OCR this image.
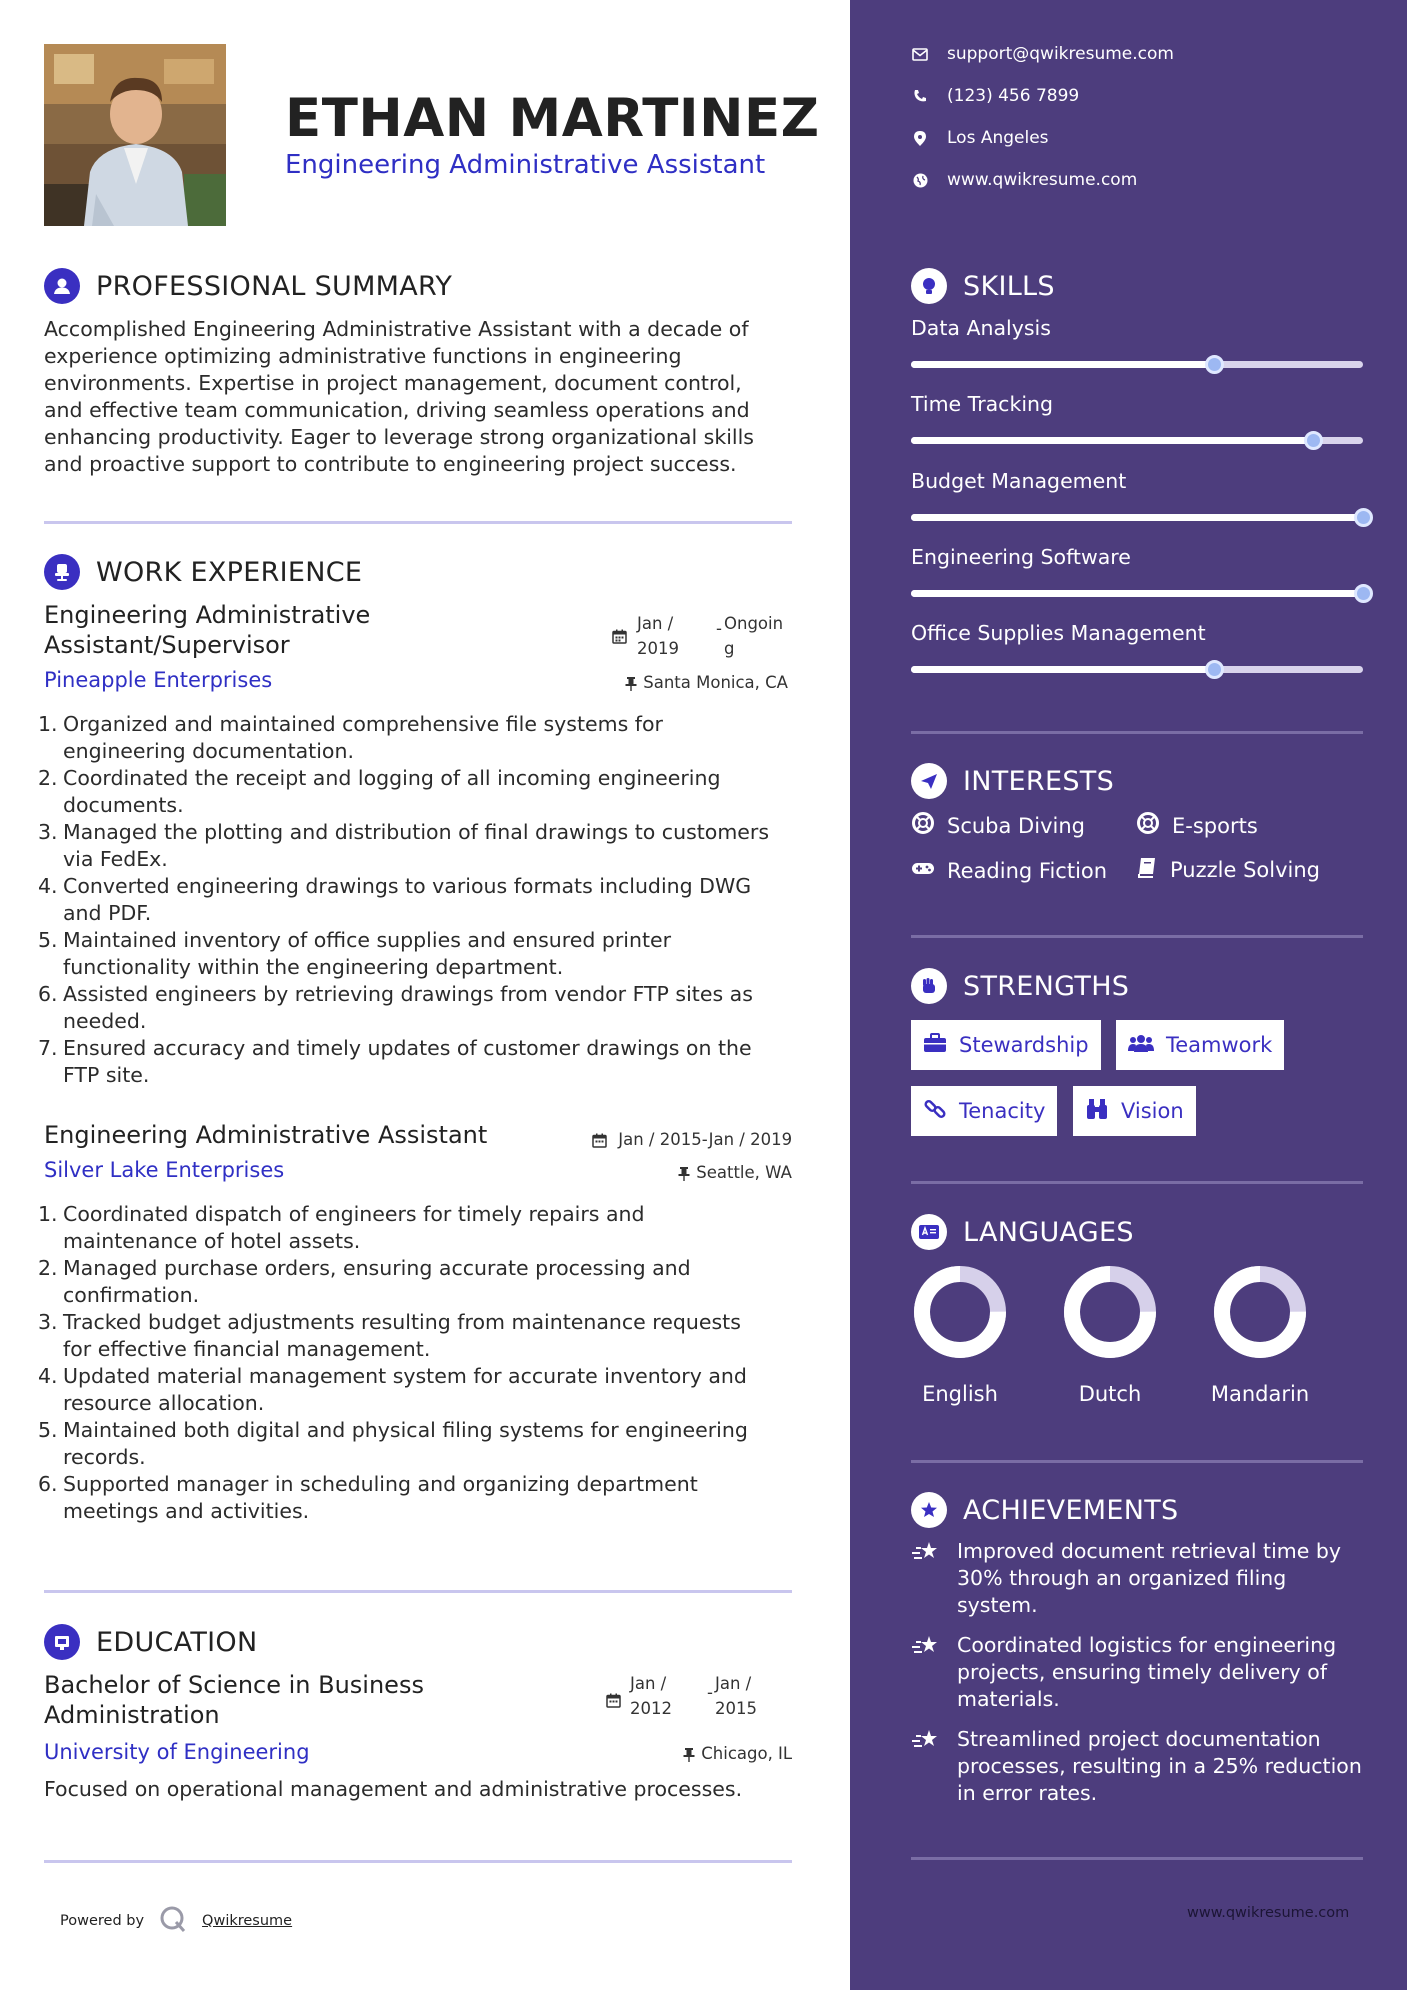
ETHAN MARTINEZ
Engineering Administrative Assistant
PROFESSIONAL SUMMARY
Accomplished Engineering Administrative Assistant with a decade of
experience optimizing administrative functions in engineering
environments. Expertise in project management, document control,
and effective team communication, driving seamless operations and
enhancing productivity. Eager to leverage strong organizational skills
and proactive support to contribute to engineering project success.
WORK EXPERIENCE
Engineering Administrative
Assistant/Supervisor
Jan /
2019
- Ongoin
g
Pineapple Enterprises	Santa Monica, CA
Organized and maintained comprehensive file systems for
engineering documentation.
Coordinated the receipt and logging of all incoming engineering
documents.
Managed the plotting and distribution of final drawings to customers
via FedEx.
Converted engineering drawings to various formats including DWG
and PDF.
Maintained inventory of office supplies and ensured printer
functionality within the engineering department.
Assisted engineers by retrieving drawings from vendor FTP sites as
needed.
Ensured accuracy and timely updates of customer drawings on the
FTP site.
Engineering Administrative Assistant	Jan / 2015-Jan / 2019
Silver Lake Enterprises	Seattle, WA
Coordinated dispatch of engineers for timely repairs and
maintenance of hotel assets.
Managed purchase orders, ensuring accurate processing and
confirmation.
Tracked budget adjustments resulting from maintenance requests
for effective financial management.
Updated material management system for accurate inventory and
resource allocation.
Maintained both digital and physical filing systems for engineering
records.
Supported manager in scheduling and organizing department
meetings and activities.
EDUCATION
Bachelor of Science in Business
Administration
Jan /
2012
- Jan /
2015
University of Engineering	Chicago, IL
Focused on operational management and administrative processes.
Powered by	Qwikresume
support@qwikresume.com
(123) 456 7899
Los Angeles
www.qwikresume.com
SKILLS
Data Analysis
Time Tracking
Budget Management
Engineering Software
Office Supplies Management
INTERESTS
Scuba Diving	E-sports
Reading Fiction	Puzzle Solving
STRENGTHS
Stewardship	Teamwork
Tenacity	Vision
LANGUAGES
English	Dutch	Mandarin
ACHIEVEMENTS
Improved document retrieval time by
30% through an organized filing
system.
Coordinated logistics for engineering
projects, ensuring timely delivery of
materials.
Streamlined project documentation
processes, resulting in a 25% reduction
in error rates.
www.qwikresume.com
